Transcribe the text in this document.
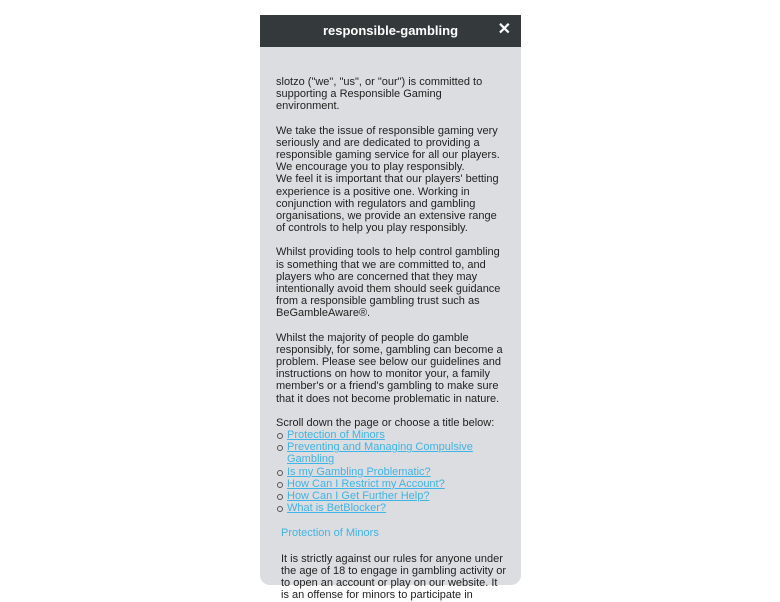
responsible-gambling	✕

slotzo ("we", "us", or "our") is committed to supporting a Responsible Gaming environment.

We take the issue of responsible gaming very seriously and are dedicated to providing a responsible gaming service for all our players. We encourage you to play responsibly.
We feel it is important that our players' betting experience is a positive one. Working in conjunction with regulators and gambling organisations, we provide an extensive range of controls to help you play responsibly.

Whilst providing tools to help control gambling is something that we are committed to, and players who are concerned that they may intentionally avoid them should seek guidance from a responsible gambling trust such as BeGambleAware®.

Whilst the majority of people do gamble responsibly, for some, gambling can become a problem. Please see below our guidelines and instructions on how to monitor your, a family member's or a friend's gambling to make sure that it does not become problematic in nature.

Scroll down the page or choose a title below:
Protection of Minors
Preventing and Managing Compulsive Gambling
Is my Gambling Problematic?
How Can I Restrict my Account?
How Can I Get Further Help?
What is BetBlocker?
Protection of Minors
It is strictly against our rules for anyone under the age of 18 to engage in gambling activity or to open an account or play on our website. It is an offense for minors to participate in
